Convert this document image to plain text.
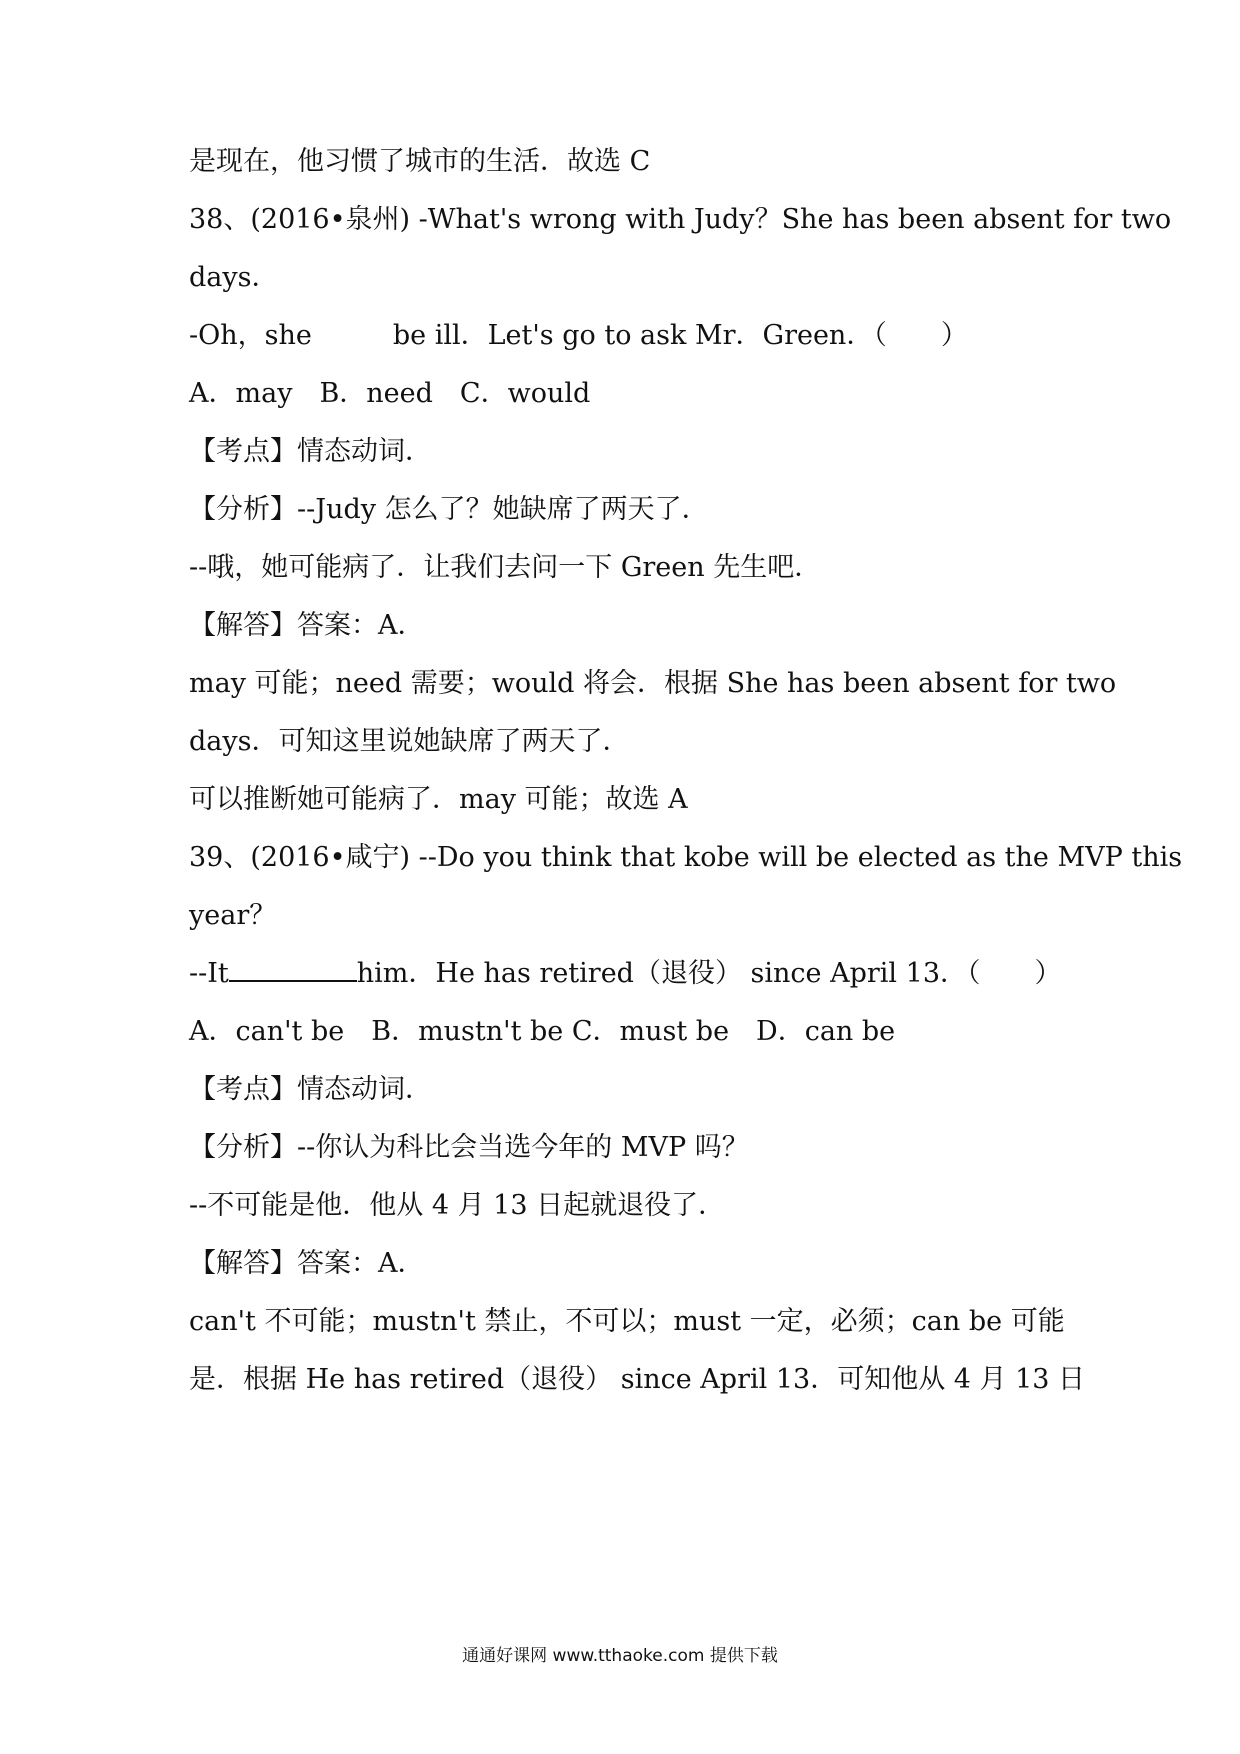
是现在，他习惯了城市的生活．故选 C
38、(2016•泉州) -What's wrong with Judy？She has been absent for two
days．
-Oh，she　　　be ill．Let's go to ask Mr．Green．（　　）
A．may　B．need　C．would
【考点】情态动词．
【分析】--Judy 怎么了？她缺席了两天了．
--哦，她可能病了．让我们去问一下 Green 先生吧．
【解答】答案：A．
may 可能；need 需要；would 将会．根据 She has been absent for two
days．可知这里说她缺席了两天了．
可以推断她可能病了．may 可能；故选 A
39、(2016•咸宁) --Do you think that kobe will be elected as the MVP this
year？
--It	him．He has retired（退役） since April 13．（　　）
A．can't be　B．mustn't be C．must be　D．can be
【考点】情态动词．
【分析】--你认为科比会当选今年的 MVP 吗？
--不可能是他．他从 4 月 13 日起就退役了．
【解答】答案：A．
can't 不可能；mustn't 禁止，不可以；must 一定，必须；can be 可能
是．根据 He has retired（退役） since April 13．可知他从 4 月 13 日
通通好课网 www.tthaoke.com 提供下载
